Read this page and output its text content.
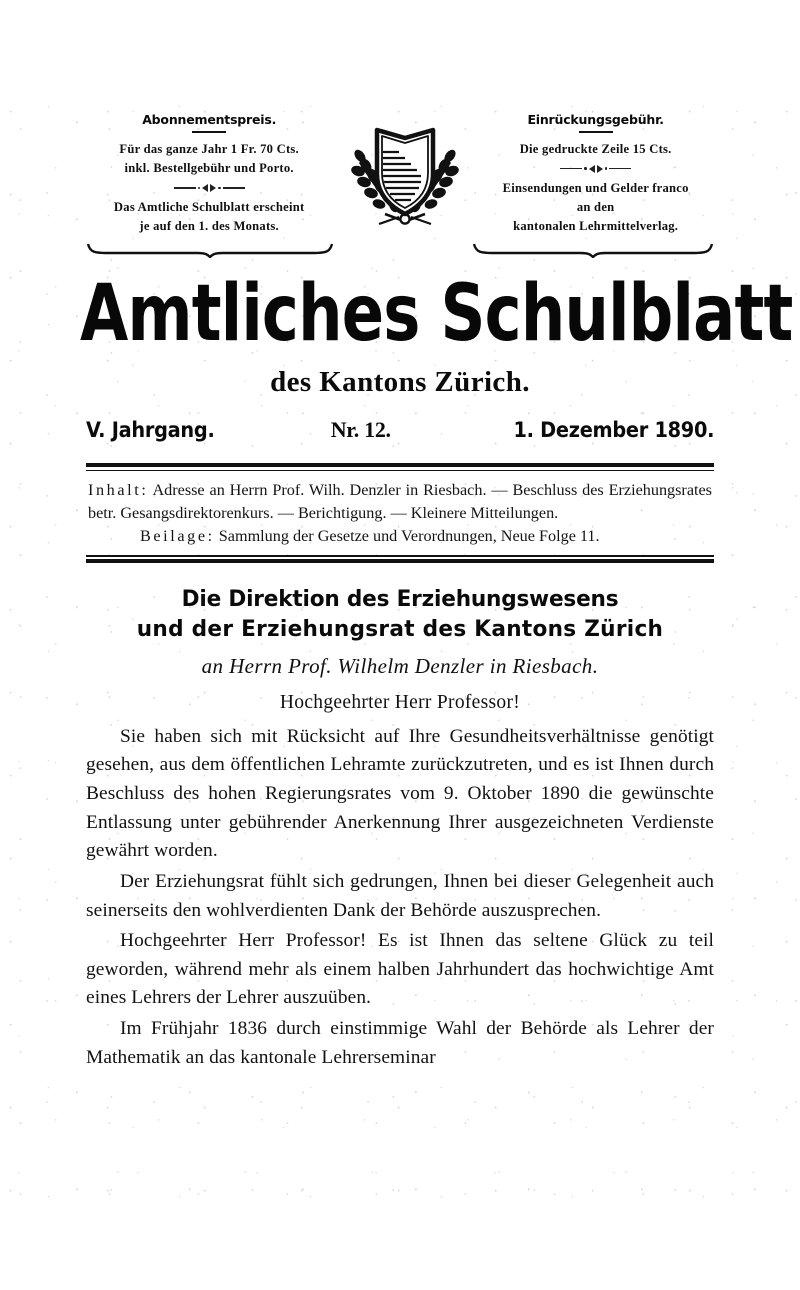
Abonnementspreis.
Für das ganze Jahr 1 Fr. 70 Cts.
inkl. Bestellgebühr und Porto.
Das Amtliche Schulblatt erscheint
je auf den 1. des Monats.
Einrückungsgebühr.
Die gedruckte Zeile 15 Cts.
Einsendungen und Gelder franco
an den
kantonalen Lehrmittelverlag.
Amtliches Schulblatt
des Kantons Zürich.
V. Jahrgang.	Nr. 12.	1. Dezember 1890.

Inhalt: Adresse an Herrn Prof. Wilh. Denzler in Riesbach. — Beschluss des Erziehungsrates betr. Gesangsdirektorenkurs. — Berichtigung. — Kleinere Mitteilungen.

Beilage: Sammlung der Gesetze und Verordnungen, Neue Folge 11.

Die Direktion des Erziehungswesens
und der Erziehungsrat des Kantons Zürich
an Herrn Prof. Wilhelm Denzler in Riesbach.
Hochgeehrter Herr Professor!

Sie haben sich mit Rücksicht auf Ihre Gesundheitsverhältnisse genötigt gesehen, aus dem öffentlichen Lehramte zurückzutreten, und es ist Ihnen durch Beschluss des hohen Regierungsrates vom 9. Oktober 1890 die gewünschte Entlassung unter gebührender Anerkennung Ihrer ausgezeichneten Verdienste gewährt worden.

Der Erziehungsrat fühlt sich gedrungen, Ihnen bei dieser Gelegenheit auch seinerseits den wohlverdienten Dank der Behörde auszusprechen.

Hochgeehrter Herr Professor! Es ist Ihnen das seltene Glück zu teil geworden, während mehr als einem halben Jahrhundert das hochwichtige Amt eines Lehrers der Lehrer auszuüben.

Im Frühjahr 1836 durch einstimmige Wahl der Behörde als Lehrer der Mathematik an das kantonale Lehrerseminar
